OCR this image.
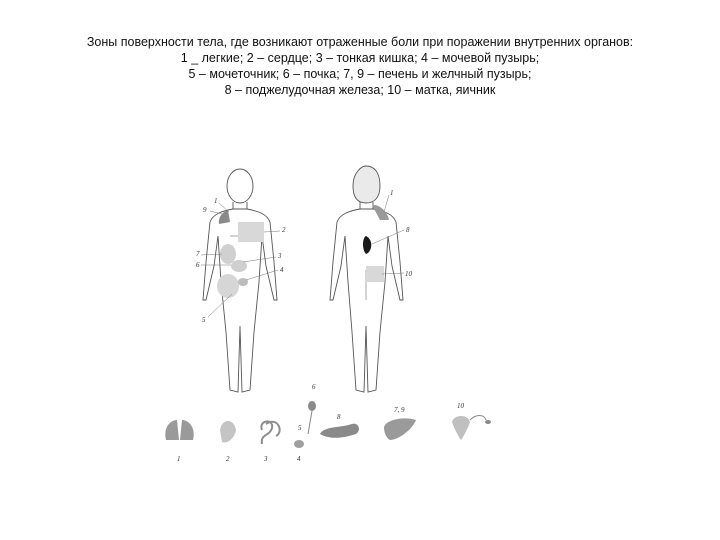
Зоны поверхности тела, где возникают отраженные боли при поражении внутренних органов:
1 _ легкие; 2 – сердце; 3 – тонкая кишка; 4 – мочевой пузырь;
5 – мочеточник; 6 – почка; 7, 9 – печень и желчный пузырь;
8 – поджелудочная железа; 10 – матка, яичник
1
9
2
7
6
3
4
5
1
8
10
1	2	3	4
5
6
8
7, 9	10
